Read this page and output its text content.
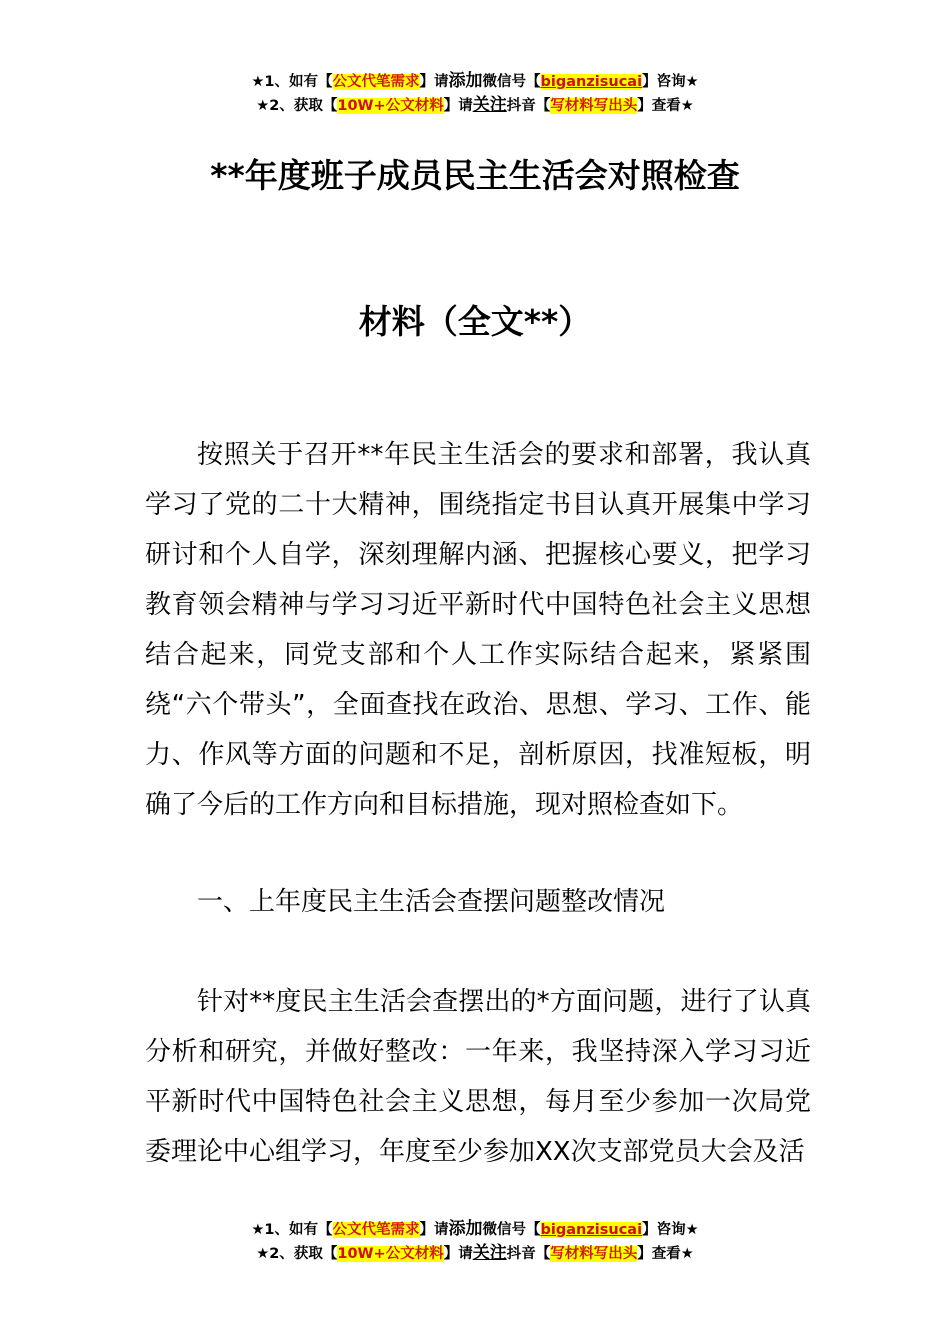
★1、如有【公文代笔需求】请添加微信号【biganzisucai】咨询★
★2、获取【10W+公文材料】请关注抖音【写材料写出头】查看★
**年度班子成员民主生活会对照检查
材料（全文**）

按照关于召开**年民主生活会的要求和部署，我认真学习了党的二十大精神，围绕指定书目认真开展集中学习研讨和个人自学，深刻理解内涵、把握核心要义，把学习教育领会精神与学习习近平新时代中国特色社会主义思想结合起来，同党支部和个人工作实际结合起来，紧紧围绕“六个带头”，全面查找在政治、思想、学习、工作、能力、作风等方面的问题和不足，剖析原因，找准短板，明确了今后的工作方向和目标措施，现对照检查如下。

一、上年度民主生活会查摆问题整改情况

针对**度民主生活会查摆出的*方面问题，进行了认真分析和研究，并做好整改：一年来，我坚持深入学习习近平新时代中国特色社会主义思想，每月至少参加一次局党委理论中心组学习，年度至少参加XX次支部党员大会及活

★1、如有【公文代笔需求】请添加微信号【biganzisucai】咨询★
★2、获取【10W+公文材料】请关注抖音【写材料写出头】查看★
